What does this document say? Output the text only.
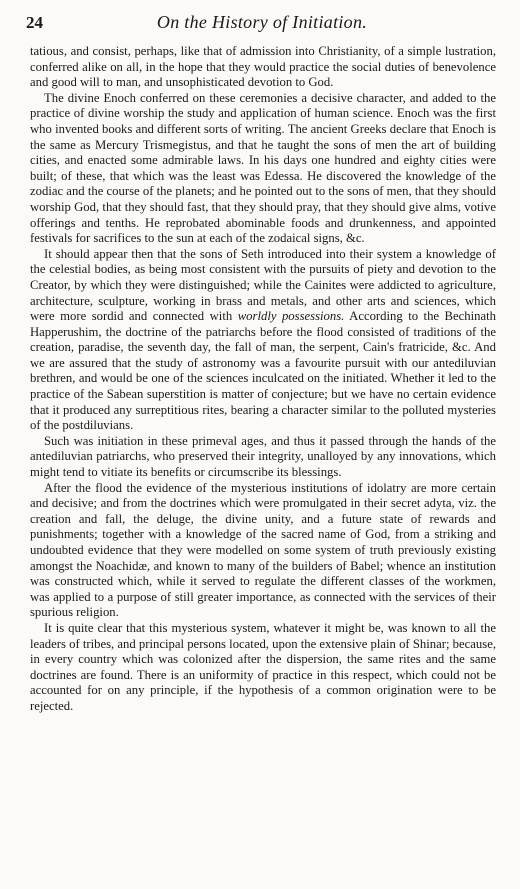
24	On the History of Initiation.

tatious, and consist, perhaps, like that of admission into Christianity, of a simple lustration, conferred alike on all, in the hope that they would practice the social duties of benevolence and good will to man, and unsophisticated devotion to God.

The divine Enoch conferred on these ceremonies a decisive character, and added to the practice of divine worship the study and application of human science. Enoch was the first who invented books and different sorts of writing. The ancient Greeks declare that Enoch is the same as Mercury Trismegistus, and that he taught the sons of men the art of building cities, and enacted some admirable laws. In his days one hundred and eighty cities were built; of these, that which was the least was Edessa. He discovered the knowledge of the zodiac and the course of the planets; and he pointed out to the sons of men, that they should worship God, that they should fast, that they should pray, that they should give alms, votive offerings and tenths. He reprobated abominable foods and drunkenness, and appointed festivals for sacrifices to the sun at each of the zodaical signs, &c.

It should appear then that the sons of Seth introduced into their system a knowledge of the celestial bodies, as being most consistent with the pursuits of piety and devotion to the Creator, by which they were distinguished; while the Cainites were addicted to agriculture, architecture, sculpture, working in brass and metals, and other arts and sciences, which were more sordid and connected with worldly possessions. According to the Bechinath Happerushim, the doctrine of the patriarchs before the flood consisted of traditions of the creation, paradise, the seventh day, the fall of man, the serpent, Cain's fratricide, &c. And we are assured that the study of astronomy was a favourite pursuit with our antediluvian brethren, and would be one of the sciences inculcated on the initiated. Whether it led to the practice of the Sabean superstition is matter of conjecture; but we have no certain evidence that it produced any surreptitious rites, bearing a character similar to the polluted mysteries of the postdiluvians.

Such was initiation in these primeval ages, and thus it passed through the hands of the antediluvian patriarchs, who preserved their integrity, unalloyed by any innovations, which might tend to vitiate its benefits or circumscribe its blessings.

After the flood the evidence of the mysterious institutions of idolatry are more certain and decisive; and from the doctrines which were promulgated in their secret adyta, viz. the creation and fall, the deluge, the divine unity, and a future state of rewards and punishments; together with a knowledge of the sacred name of God, from a striking and undoubted evidence that they were modelled on some system of truth previously existing amongst the Noachidæ, and known to many of the builders of Babel; whence an institution was constructed which, while it served to regulate the different classes of the workmen, was applied to a purpose of still greater importance, as connected with the services of their spurious religion.

It is quite clear that this mysterious system, whatever it might be, was known to all the leaders of tribes, and principal persons located, upon the extensive plain of Shinar; because, in every country which was colonized after the dispersion, the same rites and the same doctrines are found. There is an uniformity of practice in this respect, which could not be accounted for on any principle, if the hypothesis of a common origination were to be rejected.
